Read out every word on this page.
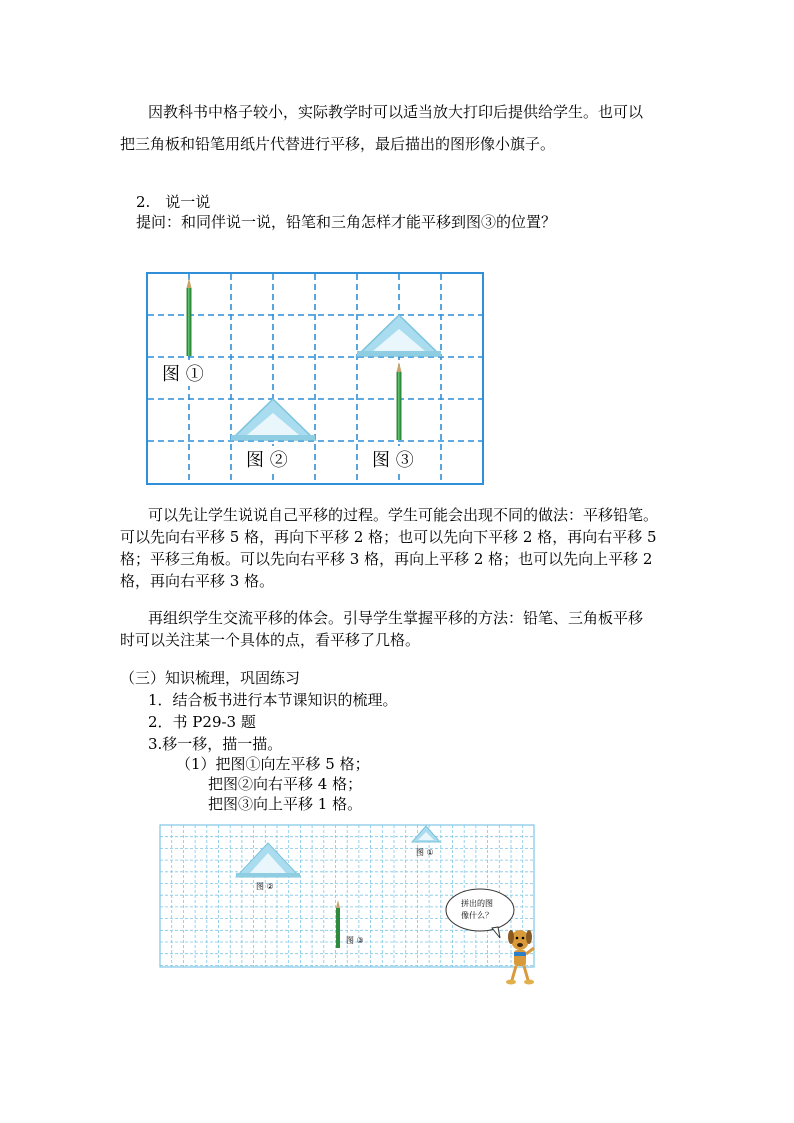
因教科书中格子较小，实际教学时可以适当放大打印后提供给学生。也可以
把三角板和铅笔用纸片代替进行平移，最后描出的图形像小旗子。
2.　说一说
提问：和同伴说一说，铅笔和三角怎样才能平移到图③的位置？
图 ①
图 ②	图 ③
可以先让学生说说自己平移的过程。学生可能会出现不同的做法：平移铅笔。
可以先向右平移 5 格，再向下平移 2 格；也可以先向下平移 2 格，再向右平移 5
格；平移三角板。可以先向右平移 3 格，再向上平移 2 格；也可以先向上平移 2
格，再向右平移 3 格。
再组织学生交流平移的体会。引导学生掌握平移的方法：铅笔、三角板平移
时可以关注某一个具体的点，看平移了几格。
（三）知识梳理，巩固练习
1．结合板书进行本节课知识的梳理。
2．书 P29-3 题
3.移一移，描一描。
（1）把图①向左平移 5 格；
把图②向右平移 4 格；
把图③向上平移 1 格。
图 ①
图 ②
图 ③
拼出的图
像什么？
